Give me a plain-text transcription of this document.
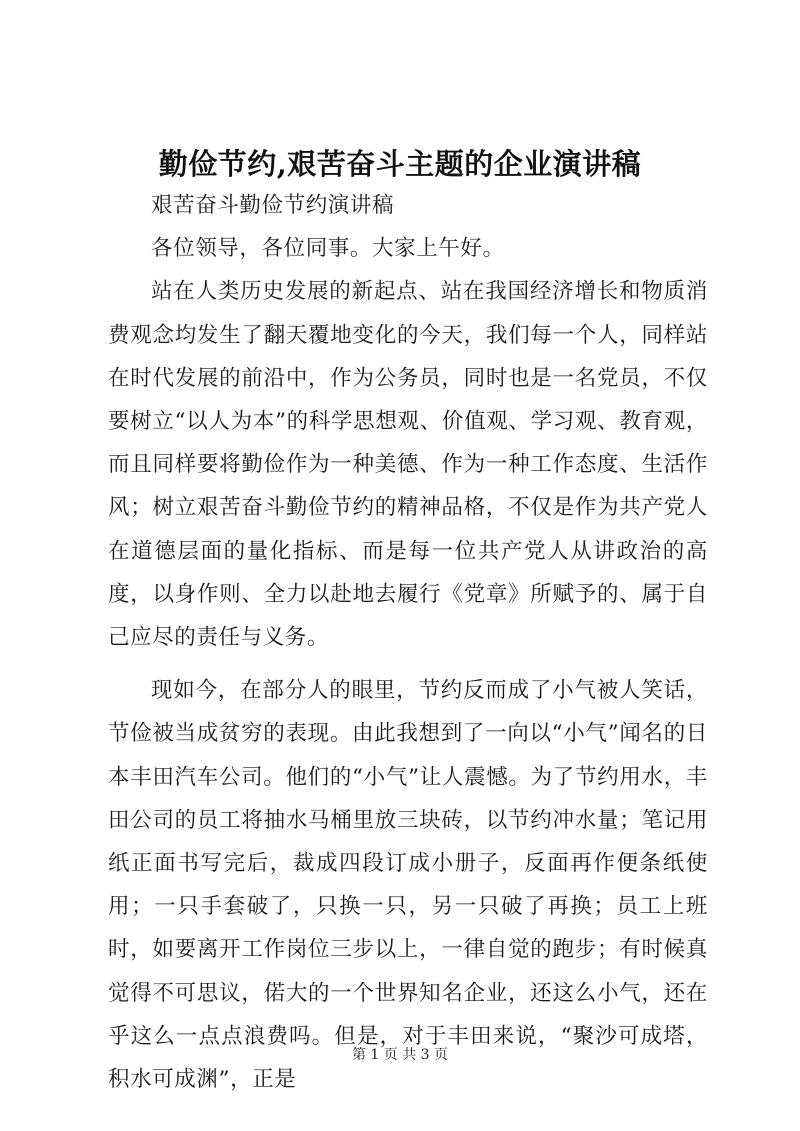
勤俭节约,艰苦奋斗主题的企业演讲稿

艰苦奋斗勤俭节约演讲稿

各位领导，各位同事。大家上午好。

站在人类历史发展的新起点、站在我国经济增长和物质消费观念均发生了翻天覆地变化的今天，我们每一个人，同样站在时代发展的前沿中，作为公务员，同时也是一名党员，不仅要树立“以人为本”的科学思想观、价值观、学习观、教育观，而且同样要将勤俭作为一种美德、作为一种工作态度、生活作风；树立艰苦奋斗勤俭节约的精神品格，不仅是作为共产党人在道德层面的量化指标、而是每一位共产党人从讲政治的高度，以身作则、全力以赴地去履行《党章》所赋予的、属于自己应尽的责任与义务。

现如今，在部分人的眼里，节约反而成了小气被人笑话，节俭被当成贫穷的表现。由此我想到了一向以“小气”闻名的日本丰田汽车公司。他们的“小气”让人震憾。为了节约用水，丰田公司的员工将抽水马桶里放三块砖，以节约冲水量；笔记用纸正面书写完后，裁成四段订成小册子，反面再作便条纸使用；一只手套破了，只换一只，另一只破了再换；员工上班时，如要离开工作岗位三步以上，一律自觉的跑步；有时候真觉得不可思议，偌大的一个世界知名企业，还这么小气，还在乎这么一点点浪费吗。但是，对于丰田来说，“聚沙可成塔，积水可成渊”，正是

第 1 页 共 3 页
